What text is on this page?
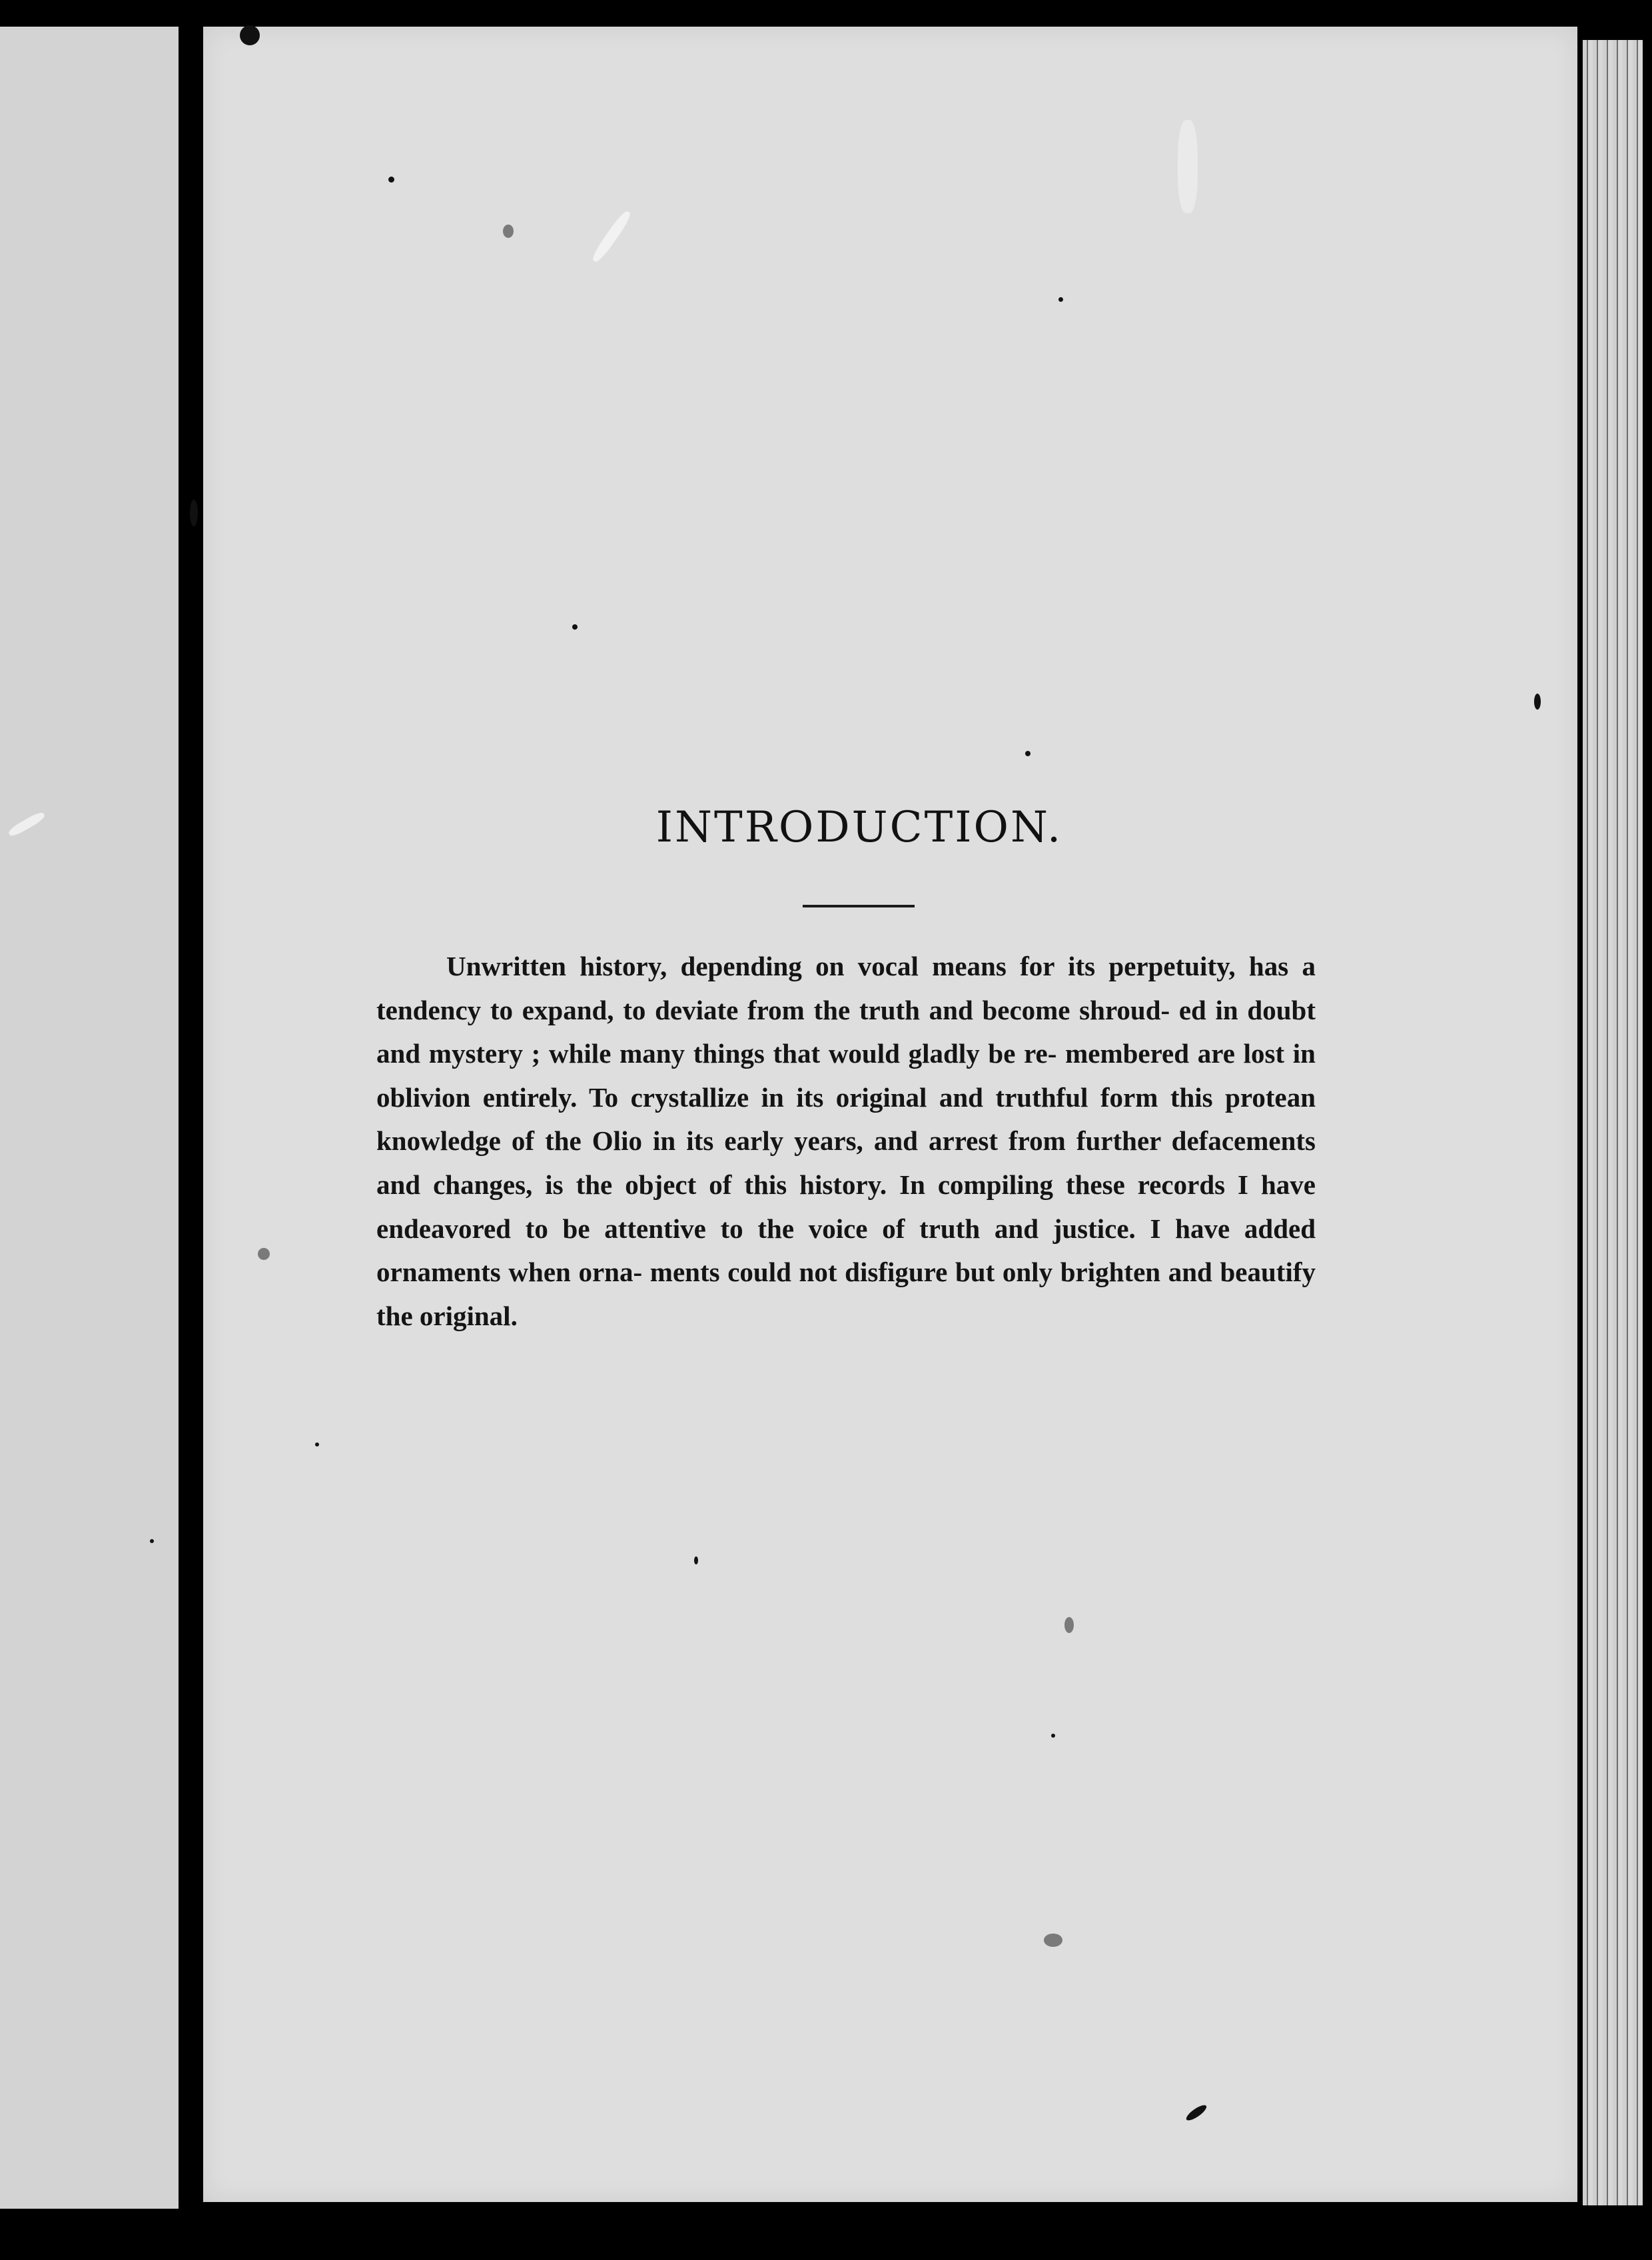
INTRODUCTION.

Unwritten history, depending on vocal means for its perpetuity, has a tendency to expand, to deviate from the truth and become shroud- ed in doubt and mystery ; while many things that would gladly be re- membered are lost in oblivion entirely. To crystallize in its original and truthful form this protean knowledge of the Olio in its early years, and arrest from further defacements and changes, is the object of this history. In compiling these records I have endeavored to be attentive to the voice of truth and justice. I have added ornaments when orna- ments could not disfigure but only brighten and beautify the original.
